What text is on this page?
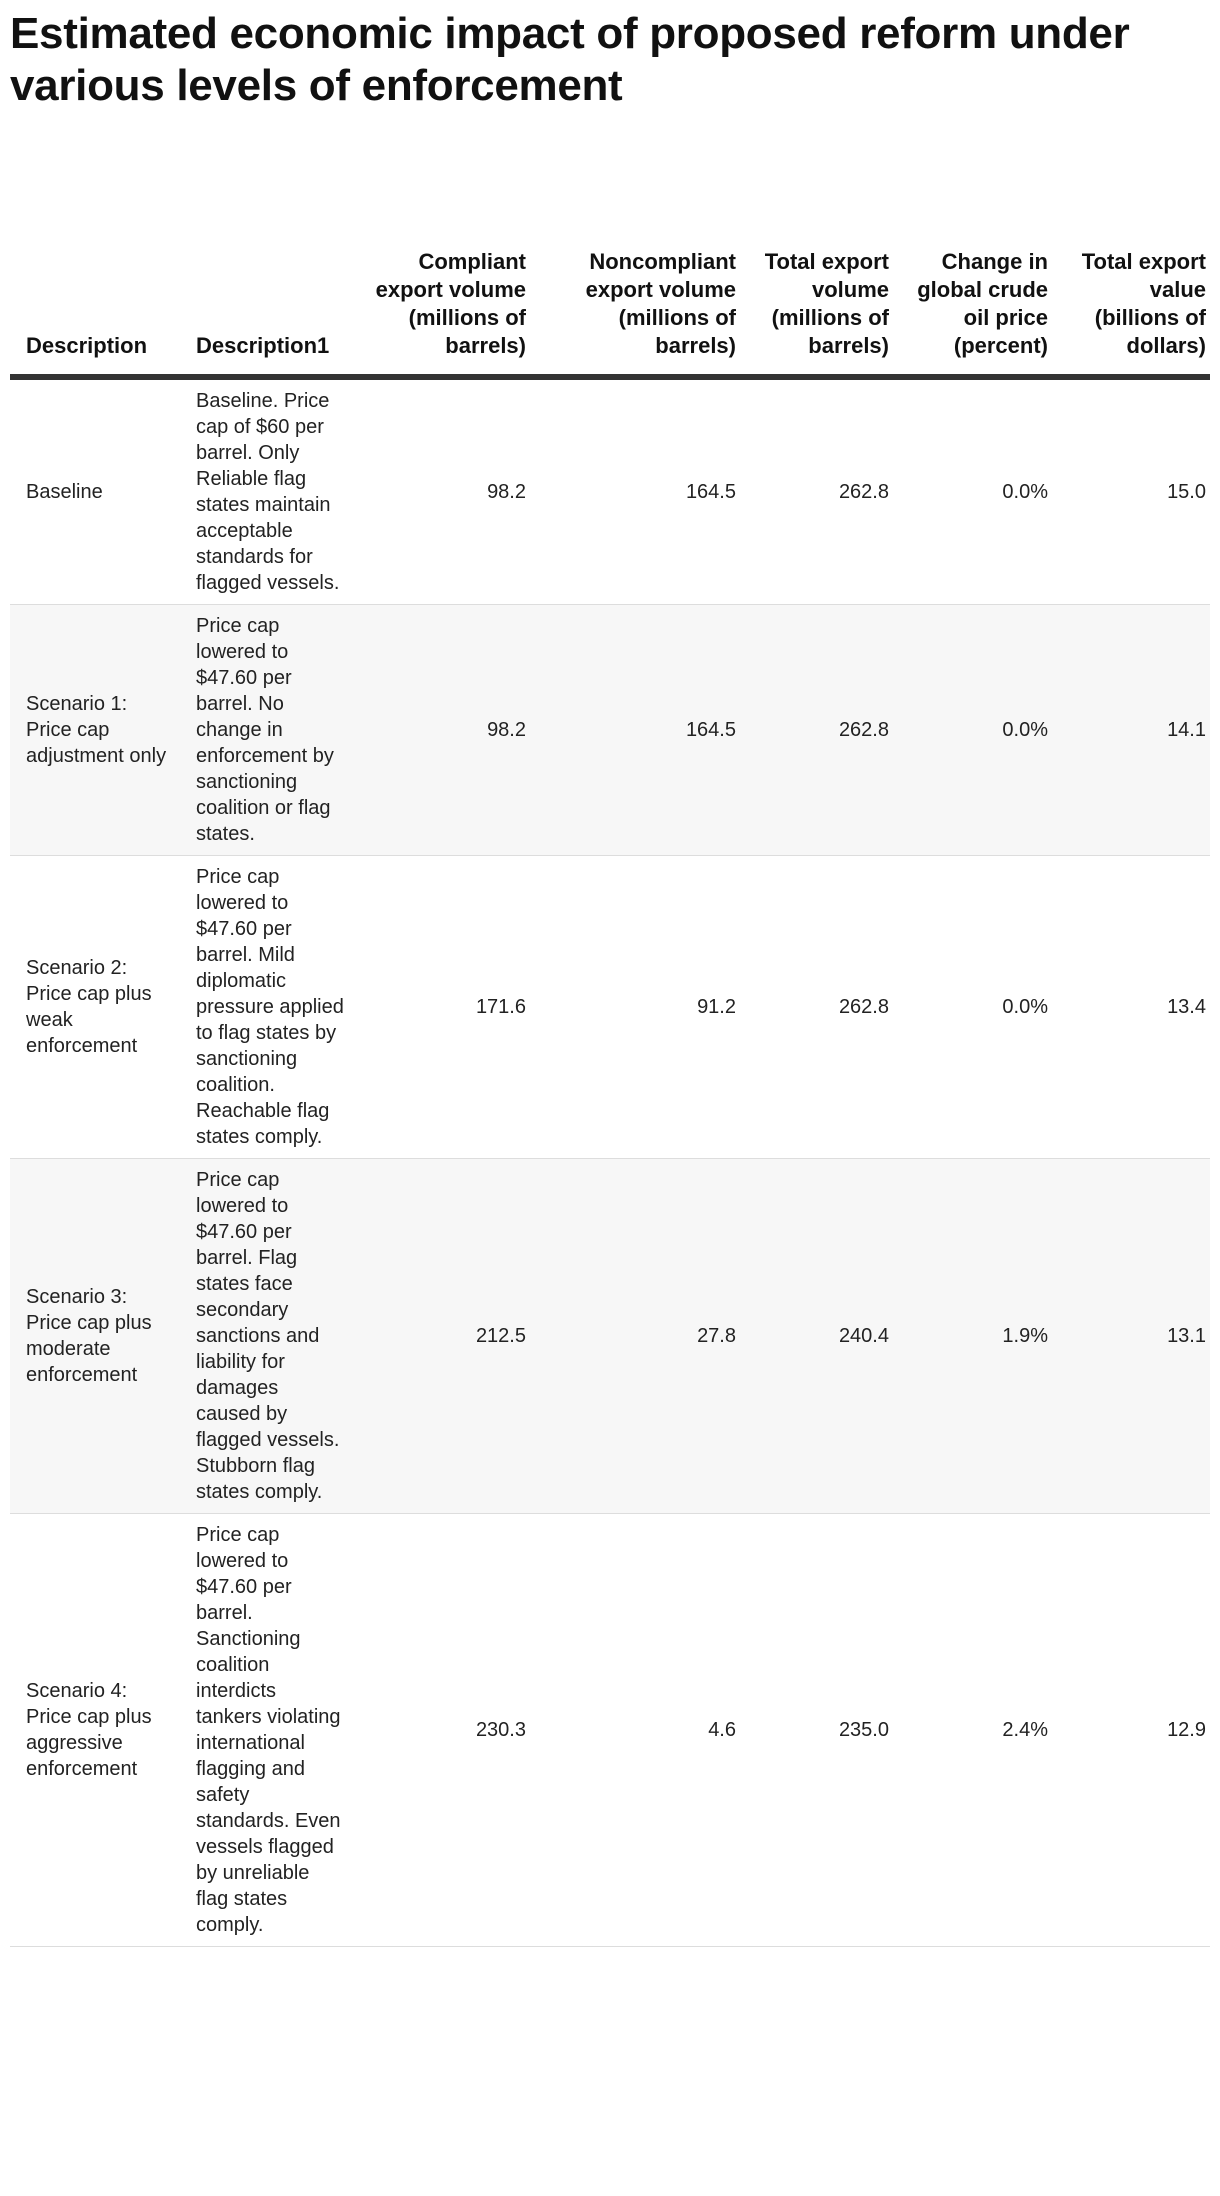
Estimated economic impact of proposed reform under various levels of enforcement
Description	Description1	Compliant export volume (millions of barrels)	Noncompliant export volume (millions of barrels)	Total export volume (millions of barrels)	Change in global crude oil price (percent)	Total export value (billions of dollars)
Baseline	Baseline. Price cap of $60 per barrel. Only Reliable flag states maintain acceptable standards for flagged vessels.	98.2	164.5	262.8	0.0%	15.0
Scenario 1: Price cap adjustment only	Price cap lowered to $47.60 per barrel. No change in enforcement by sanctioning coalition or flag states.	98.2	164.5	262.8	0.0%	14.1
Scenario 2: Price cap plus weak enforcement	Price cap lowered to $47.60 per barrel. Mild diplomatic pressure applied to flag states by sanctioning coalition. Reachable flag states comply.	171.6	91.2	262.8	0.0%	13.4
Scenario 3: Price cap plus moderate enforcement	Price cap lowered to $47.60 per barrel. Flag states face secondary sanctions and liability for damages caused by flagged vessels. Stubborn flag states comply.	212.5	27.8	240.4	1.9%	13.1
Scenario 4: Price cap plus aggressive enforcement	Price cap lowered to $47.60 per barrel. Sanctioning coalition interdicts tankers violating international flagging and safety standards. Even vessels flagged by unreliable flag states comply.	230.3	4.6	235.0	2.4%	12.9
